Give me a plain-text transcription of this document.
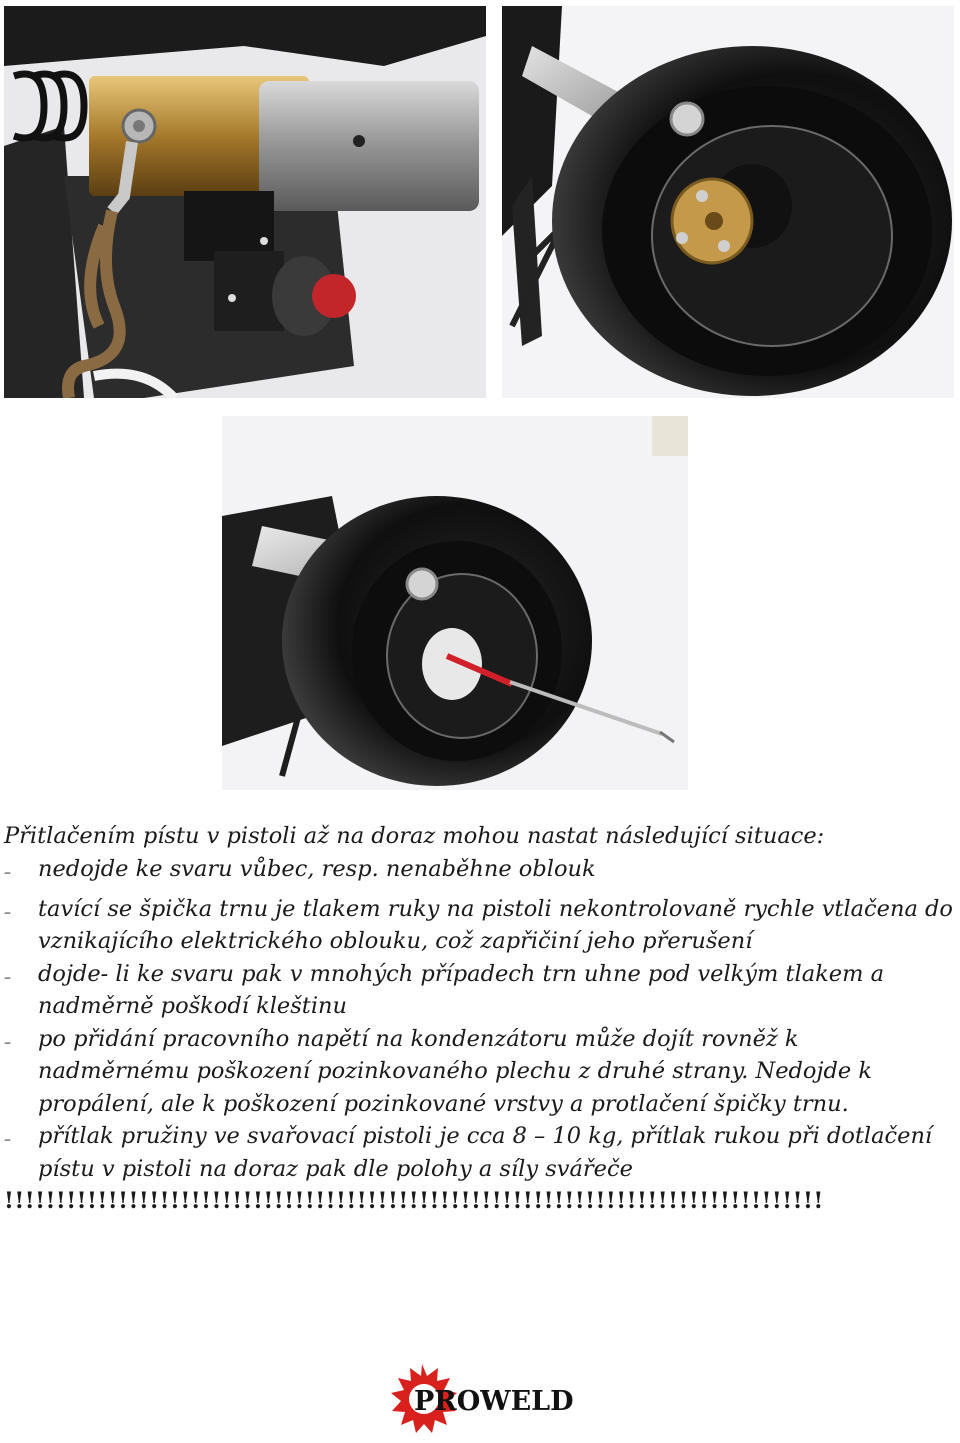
Přitlačením pístu v pistoli až na doraz mohou nastat následující situace:

–	nedojde ke svaru vůbec, resp. nenaběhne oblouk
–	tavící se špička trnu je tlakem ruky na pistoli nekontrolovaně rychle vtlačena do vznikajícího elektrického oblouku, což zapřičiní jeho přerušení
–	dojde- li ke svaru pak v mnohých případech trn uhne pod velkým tlakem a nadměrně poškodí kleštinu
–	po přidání pracovního napětí na kondenzátoru může dojít rovněž k nadměrnému poškození pozinkovaného plechu z druhé strany. Nedojde k propálení, ale k poškození pozinkované vrstvy a protlačení špičky trnu.
–	přítlak pružiny ve svařovací pistoli je cca 8 – 10 kg, přítlak rukou při dotlačení pístu v pistoli na doraz pak dle polohy a síly svářeče

!!!!!!!!!!!!!!!!!!!!!!!!!!!!!!!!!!!!!!!!!!!!!!!!!!!!!!!!!!!!!!!!!!!!!!!!!!!!!!!

PROWELD
